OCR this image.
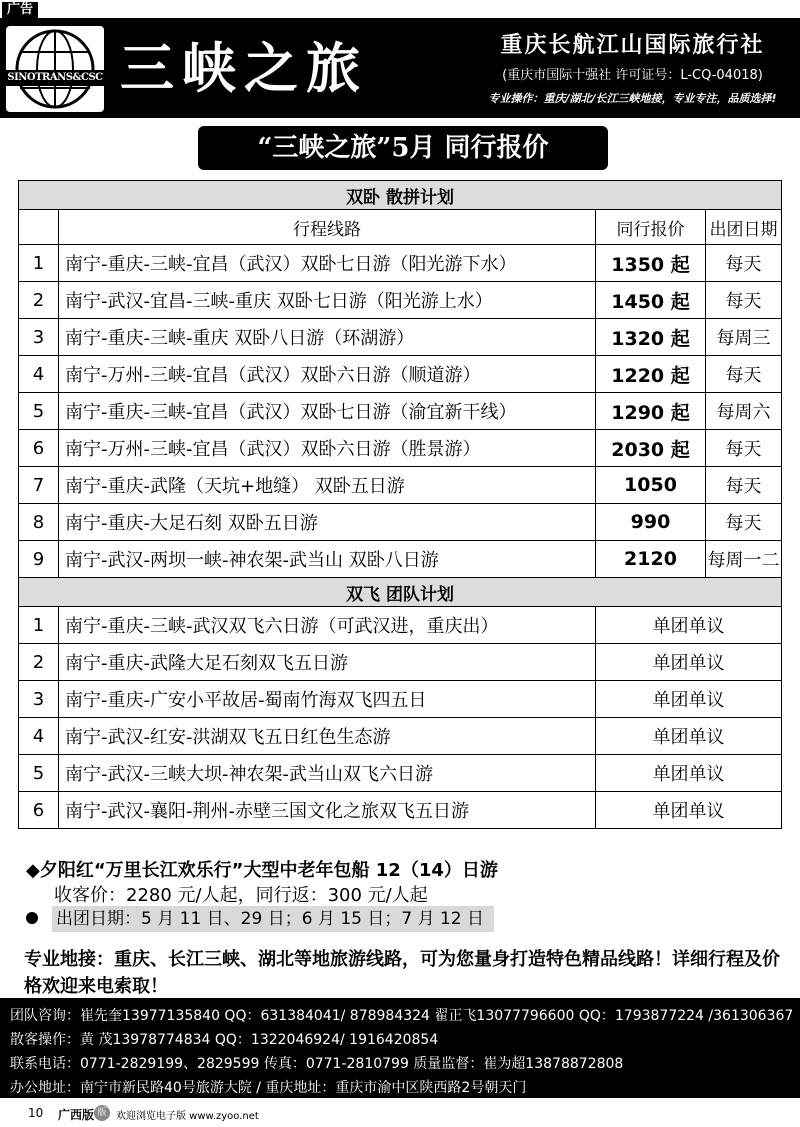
广告
SINOTRANS&CSC 三峡之旅	重庆长航江山国际旅行社
(重庆市国际十强社 许可证号：L-CQ-04018)
专业操作：重庆/湖北/长江三峡地接，专业专注，品质选择!
“三峡之旅”5月 同行报价
双卧 散拼计划			
	行程线路	同行报价	出团日期
1	南宁-重庆-三峡-宜昌（武汉）双卧七日游（阳光游下水）	1350 起	每天
2	南宁-武汉-宜昌-三峡-重庆 双卧七日游（阳光游上水）	1450 起	每天
3	南宁-重庆-三峡-重庆 双卧八日游（环湖游）	1320 起	每周三
4	南宁-万州-三峡-宜昌（武汉）双卧六日游（顺道游）	1220 起	每天
5	南宁-重庆-三峡-宜昌（武汉）双卧七日游（渝宜新干线）	1290 起	每周六
6	南宁-万州-三峡-宜昌（武汉）双卧六日游（胜景游）	2030 起	每天
7	南宁-重庆-武隆（天坑+地缝） 双卧五日游	1050	每天
8	南宁-重庆-大足石刻 双卧五日游	990	每天
9	南宁-武汉-两坝一峡-神农架-武当山 双卧八日游	2120	每周一二
双飞 团队计划			
1	南宁-重庆-三峡-武汉双飞六日游（可武汉进，重庆出）	单团单议	
2	南宁-重庆-武隆大足石刻双飞五日游	单团单议	
3	南宁-重庆-广安小平故居-蜀南竹海双飞四五日	单团单议	
4	南宁-武汉-红安-洪湖双飞五日红色生态游	单团单议	
5	南宁-武汉-三峡大坝-神农架-武当山双飞六日游	单团单议	
6	南宁-武汉-襄阳-荆州-赤壁三国文化之旅双飞五日游	单团单议	
◆夕阳红“万里长江欢乐行”大型中老年包船 12（14）日游
收客价：2280 元/人起，同行返：300 元/人起
出团日期：5 月 11 日、29 日；6 月 15 日；7 月 12 日
专业地接：重庆、长江三峡、湖北等地旅游线路，可为您量身打造特色精品线路！详细行程及价格欢迎来电索取！
团队咨询：崔先奎13977135840 QQ：631384041/ 878984324 翟正飞13077796600 QQ：1793877224 /361306367
散客操作：黄 茂13978774834 QQ：1322046924/ 1916420854
联系电话：0771-2829199、2829599 传真：0771-2810799 质量监督：崔为超13878872808
办公地址：南宁市新民路40号旅游大院 / 重庆地址：重庆市渝中区陕西路2号朝天门
10 广西版 版 欢迎浏览电子版 www.zyoo.net
